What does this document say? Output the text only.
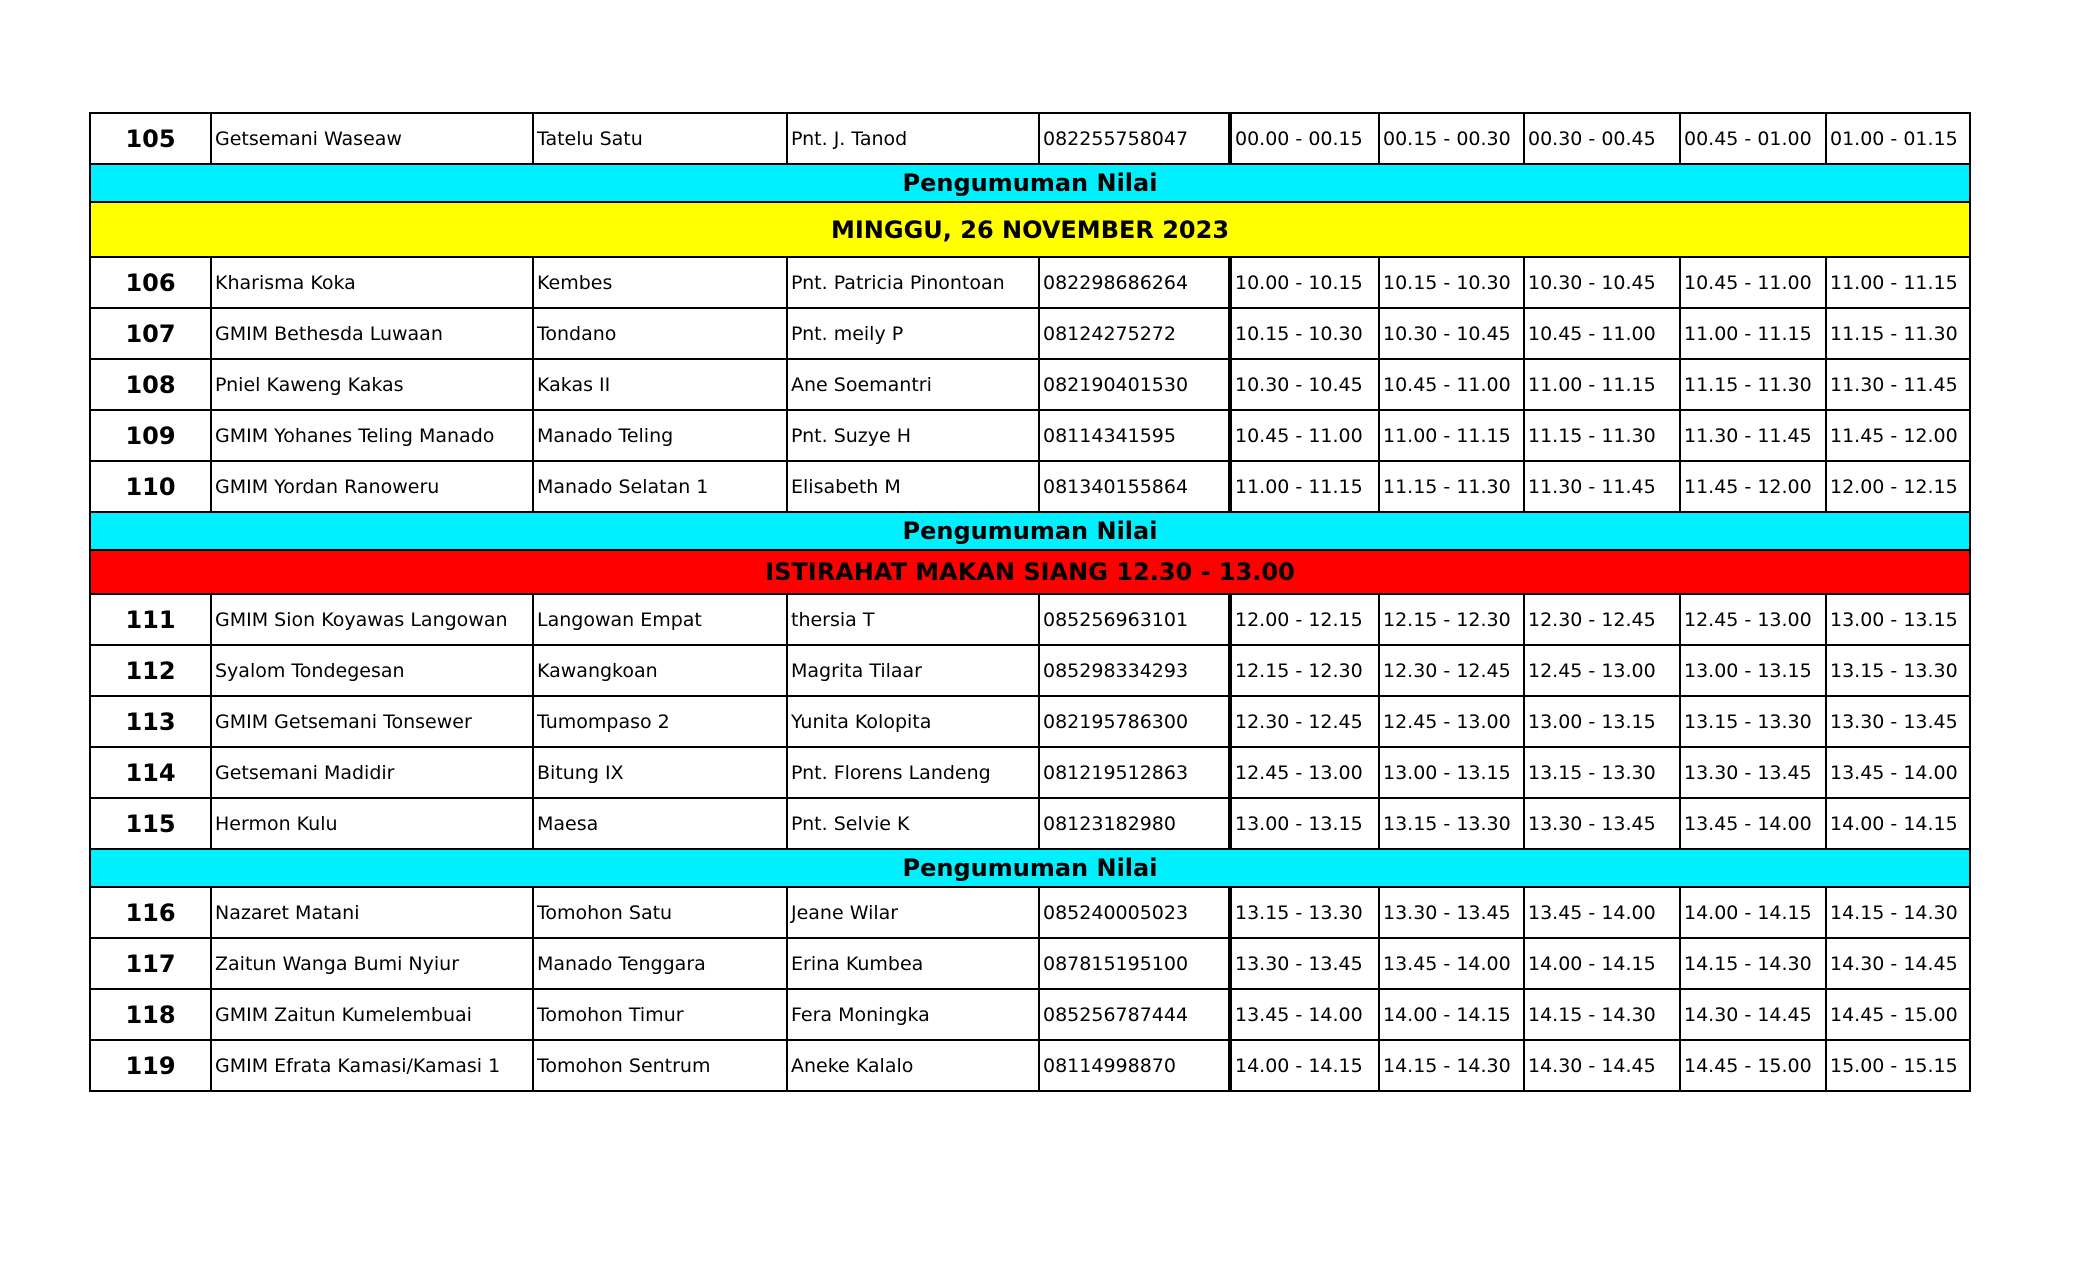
105	Getsemani Waseaw	Tatelu Satu	Pnt. J. Tanod	082255758047	00.00 - 00.15	00.15 - 00.30	00.30 - 00.45	00.45 - 01.00	01.00 - 01.15
Pengumuman Nilai									
MINGGU, 26 NOVEMBER 2023									
106	Kharisma Koka	Kembes	Pnt. Patricia Pinontoan	082298686264	10.00 - 10.15	10.15 - 10.30	10.30 - 10.45	10.45 - 11.00	11.00 - 11.15
107	GMIM Bethesda Luwaan	Tondano	Pnt. meily P	08124275272	10.15 - 10.30	10.30 - 10.45	10.45 - 11.00	11.00 - 11.15	11.15 - 11.30
108	Pniel Kaweng Kakas	Kakas II	Ane Soemantri	082190401530	10.30 - 10.45	10.45 - 11.00	11.00 - 11.15	11.15 - 11.30	11.30 - 11.45
109	GMIM Yohanes Teling Manado	Manado Teling	Pnt. Suzye H	08114341595	10.45 - 11.00	11.00 - 11.15	11.15 - 11.30	11.30 - 11.45	11.45 - 12.00
110	GMIM Yordan Ranoweru	Manado Selatan 1	Elisabeth M	081340155864	11.00 - 11.15	11.15 - 11.30	11.30 - 11.45	11.45 - 12.00	12.00 - 12.15
Pengumuman Nilai									
ISTIRAHAT MAKAN SIANG 12.30 - 13.00									
111	GMIM Sion Koyawas Langowan	Langowan Empat	thersia T	085256963101	12.00 - 12.15	12.15 - 12.30	12.30 - 12.45	12.45 - 13.00	13.00 - 13.15
112	Syalom Tondegesan	Kawangkoan	Magrita Tilaar	085298334293	12.15 - 12.30	12.30 - 12.45	12.45 - 13.00	13.00 - 13.15	13.15 - 13.30
113	GMIM Getsemani Tonsewer	Tumompaso 2	Yunita Kolopita	082195786300	12.30 - 12.45	12.45 - 13.00	13.00 - 13.15	13.15 - 13.30	13.30 - 13.45
114	Getsemani Madidir	Bitung IX	Pnt. Florens Landeng	081219512863	12.45 - 13.00	13.00 - 13.15	13.15 - 13.30	13.30 - 13.45	13.45 - 14.00
115	Hermon Kulu	Maesa	Pnt. Selvie K	08123182980	13.00 - 13.15	13.15 - 13.30	13.30 - 13.45	13.45 - 14.00	14.00 - 14.15
Pengumuman Nilai									
116	Nazaret Matani	Tomohon Satu	Jeane Wilar	085240005023	13.15 - 13.30	13.30 - 13.45	13.45 - 14.00	14.00 - 14.15	14.15 - 14.30
117	Zaitun Wanga Bumi Nyiur	Manado Tenggara	Erina Kumbea	087815195100	13.30 - 13.45	13.45 - 14.00	14.00 - 14.15	14.15 - 14.30	14.30 - 14.45
118	GMIM Zaitun Kumelembuai	Tomohon Timur	Fera Moningka	085256787444	13.45 - 14.00	14.00 - 14.15	14.15 - 14.30	14.30 - 14.45	14.45 - 15.00
119	GMIM Efrata Kamasi/Kamasi 1	Tomohon Sentrum	Aneke Kalalo	08114998870	14.00 - 14.15	14.15 - 14.30	14.30 - 14.45	14.45 - 15.00	15.00 - 15.15
